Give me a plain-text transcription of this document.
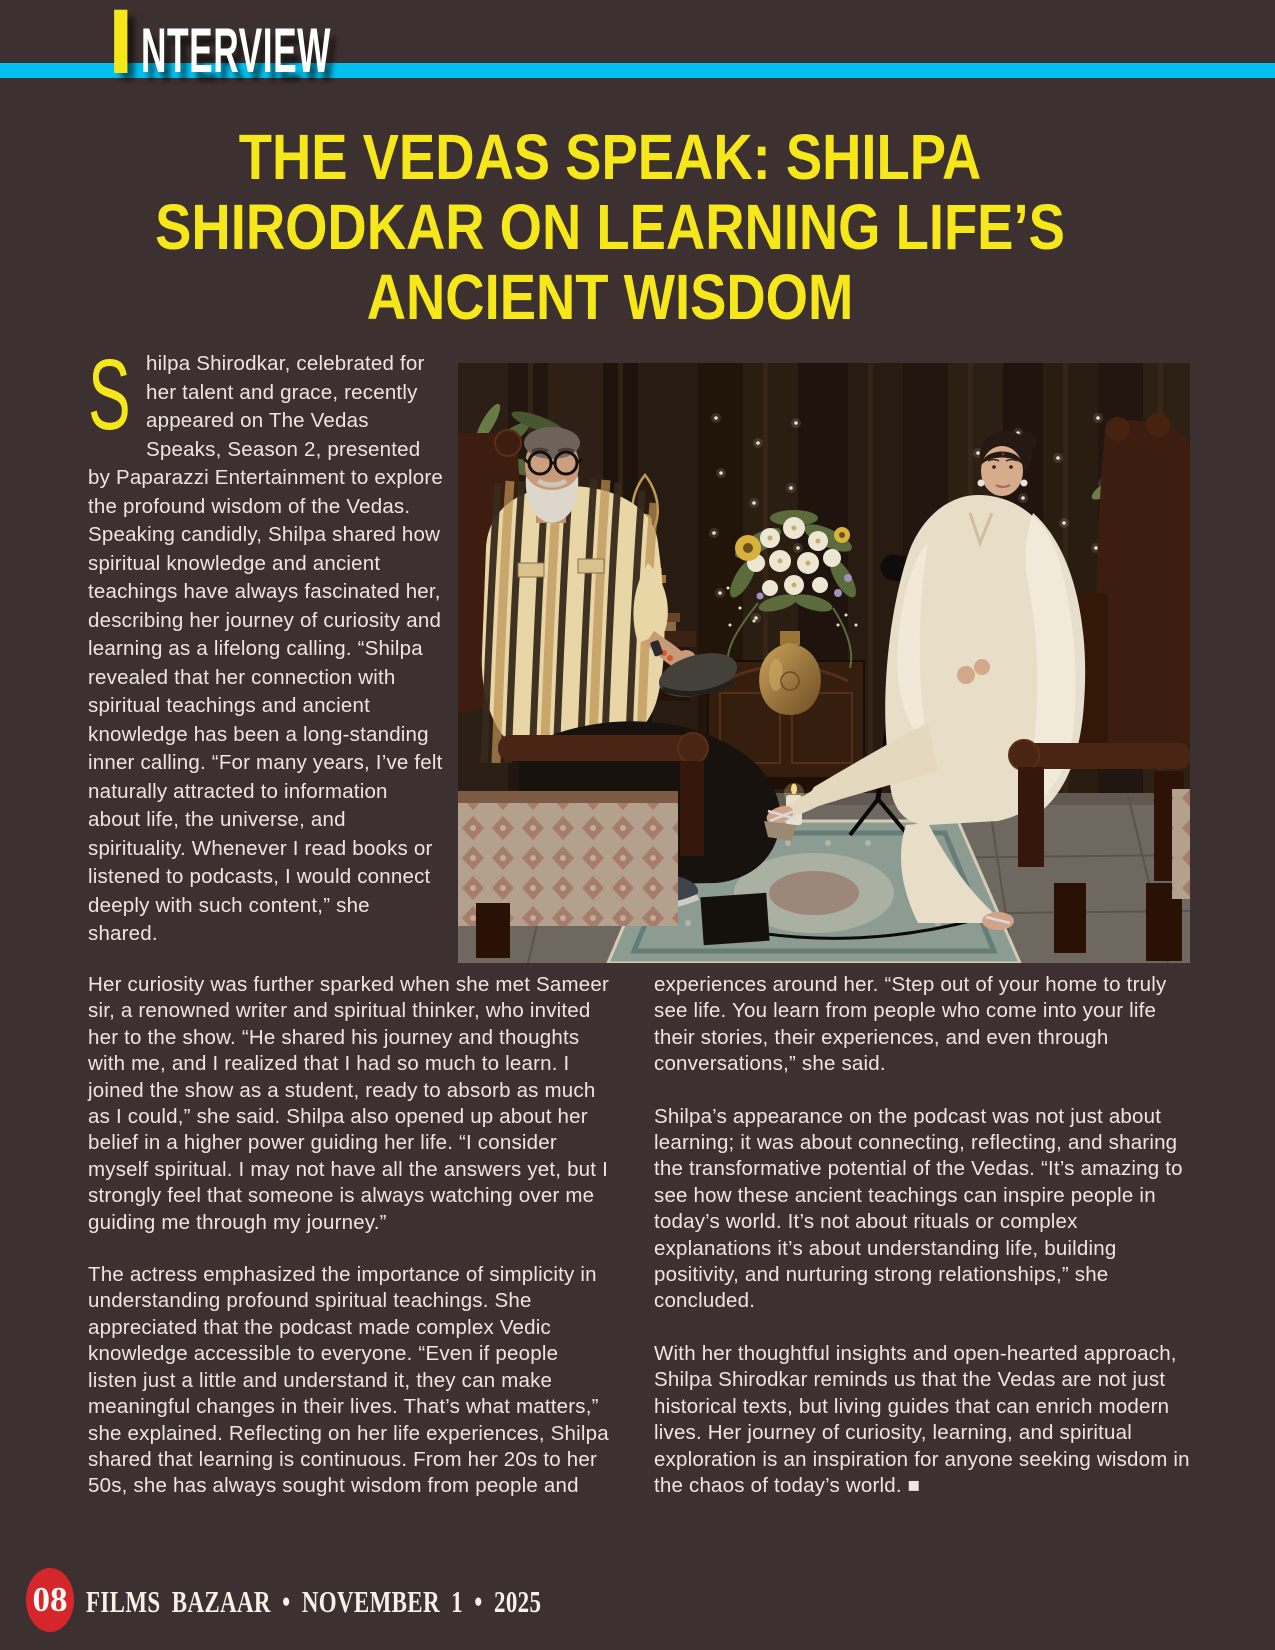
I NTERVIEW
THE VEDAS SPEAK: SHILPA
SHIRODKAR ON LEARNING LIFE’S
ANCIENT WISDOM
Shilpa Shirodkar, celebrated for her talent and grace, recently appeared on The Vedas Speaks, Season 2, presented by Paparazzi Entertainment to explore the profound wisdom of the Vedas. Speaking candidly, Shilpa shared how spiritual knowledge and ancient teachings have always fascinated her, describing her journey of curiosity and learning as a lifelong calling. “Shilpa revealed that her connection with spiritual teachings and ancient knowledge has been a long-standing inner calling. “For many years, I’ve felt naturally attracted to information about life, the universe, and spirituality. Whenever I read books or listened to podcasts, I would connect deeply with such content,” she shared.

Her curiosity was further sparked when she met Sameer sir, a renowned writer and spiritual thinker, who invited her to the show. “He shared his journey and thoughts with me, and I realized that I had so much to learn. I joined the show as a student, ready to absorb as much as I could,” she said. Shilpa also opened up about her belief in a higher power guiding her life. “I consider myself spiritual. I may not have all the answers yet, but I strongly feel that someone is always watching over me guiding me through my journey.”

The actress emphasized the importance of simplicity in understanding profound spiritual teachings. She appreciated that the podcast made complex Vedic knowledge accessible to everyone. “Even if people listen just a little and understand it, they can make meaningful changes in their lives. That’s what matters,” she explained. Reflecting on her life experiences, Shilpa shared that learning is continuous. From her 20s to her 50s, she has always sought wisdom from people and

experiences around her. “Step out of your home to truly see life. You learn from people who come into your life their stories, their experiences, and even through conversations,” she said.

Shilpa’s appearance on the podcast was not just about learning; it was about connecting, reflecting, and sharing the transformative potential of the Vedas. “It’s amazing to see how these ancient teachings can inspire people in today’s world. It’s not about rituals or complex explanations it’s about understanding life, building positivity, and nurturing strong relationships,” she concluded.

With her thoughtful insights and open-hearted approach, Shilpa Shirodkar reminds us that the Vedas are not just historical texts, but living guides that can enrich modern lives. Her journey of curiosity, learning, and spiritual exploration is an inspiration for anyone seeking wisdom in the chaos of today’s world. ■

08 FILMS BAZAAR • NOVEMBER 1 • 2025
